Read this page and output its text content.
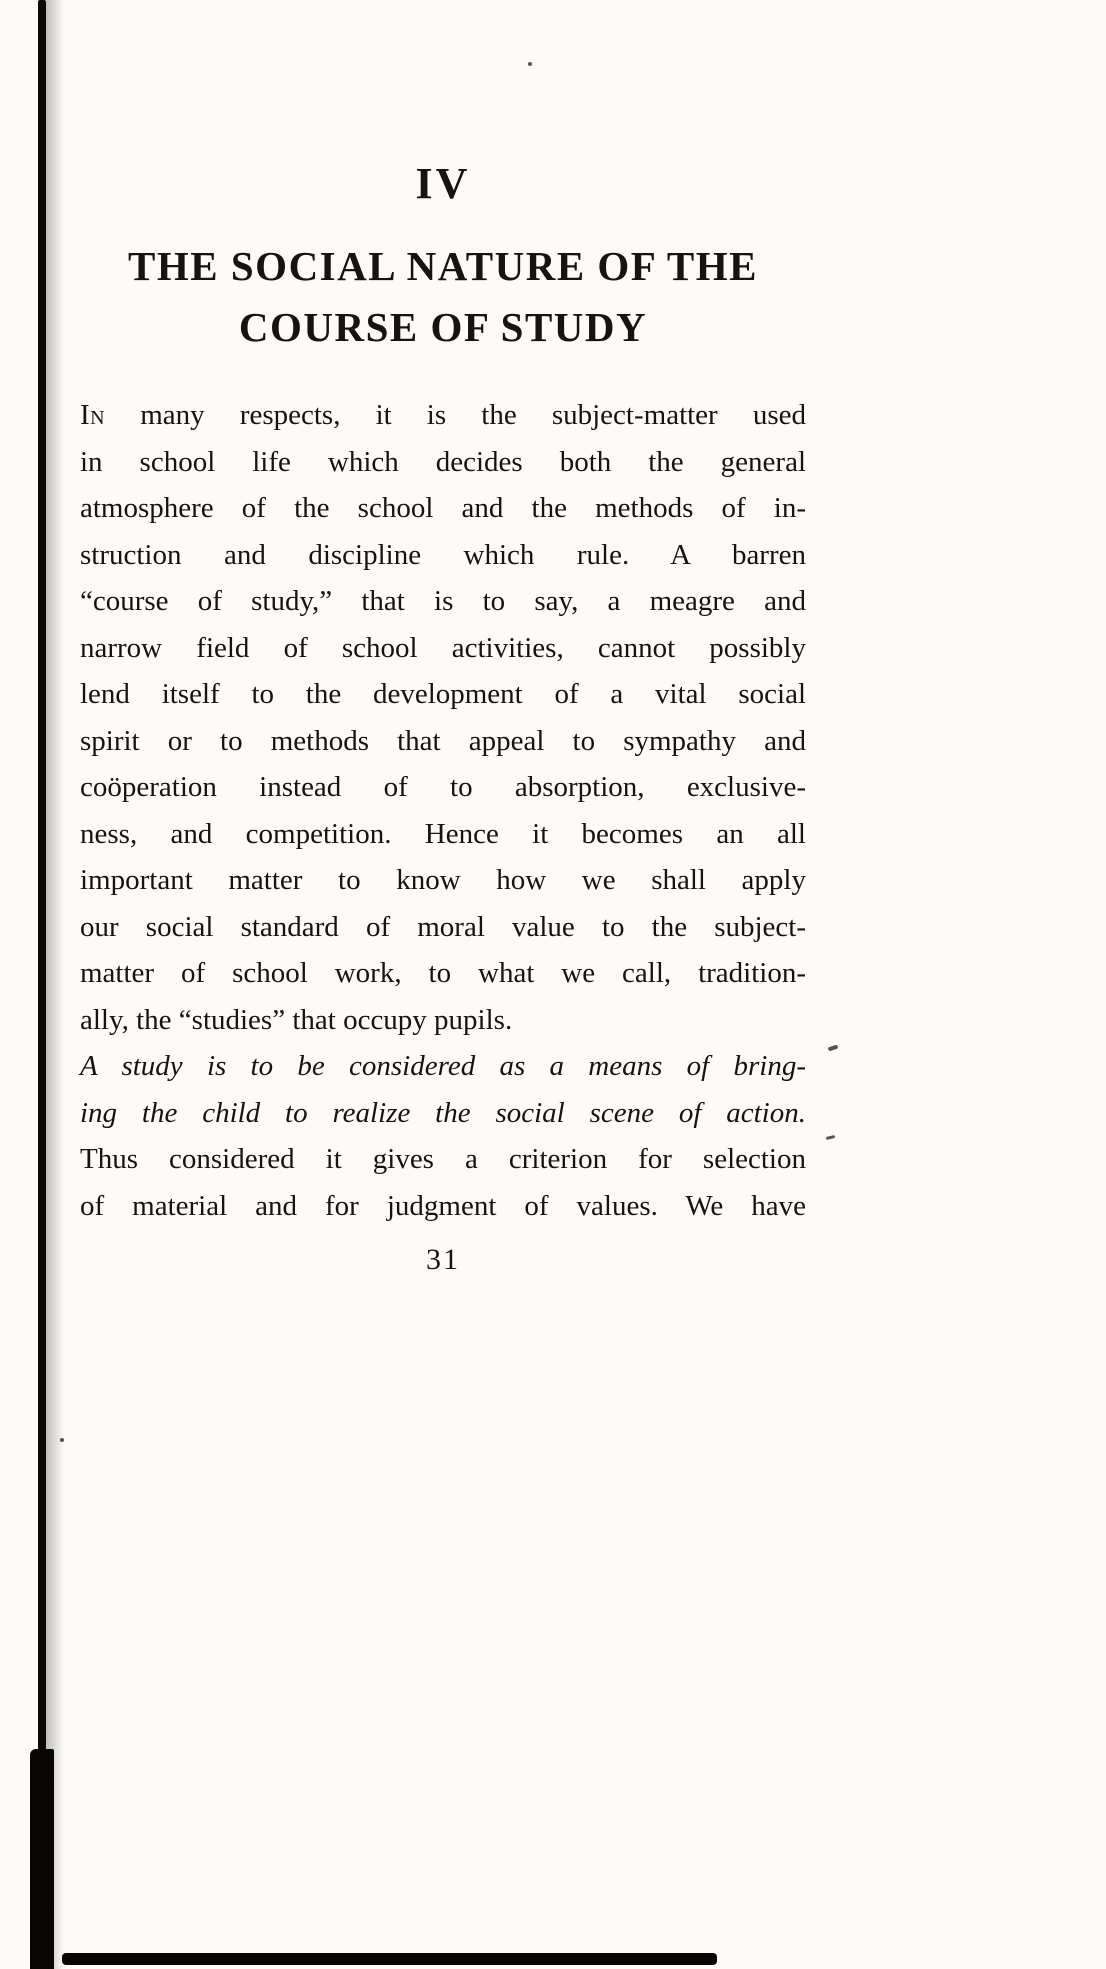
IV
THE SOCIAL NATURE OF THE
COURSE OF STUDY
In many respects, it is the subject-matter used
in school life which decides both the general
atmosphere of the school and the methods of in-
struction and discipline which rule. A barren
“course of study,” that is to say, a meagre and
narrow field of school activities, cannot possibly
lend itself to the development of a vital social
spirit or to methods that appeal to sympathy and
coöperation instead of to absorption, exclusive-
ness, and competition. Hence it becomes an all
important matter to know how we shall apply
our social standard of moral value to the subject-
matter of school work, to what we call, tradition-
ally, the “studies” that occupy pupils.
A study is to be considered as a means of bring-
ing the child to realize the social scene of action.
Thus considered it gives a criterion for selection
of material and for judgment of values. We have
31
